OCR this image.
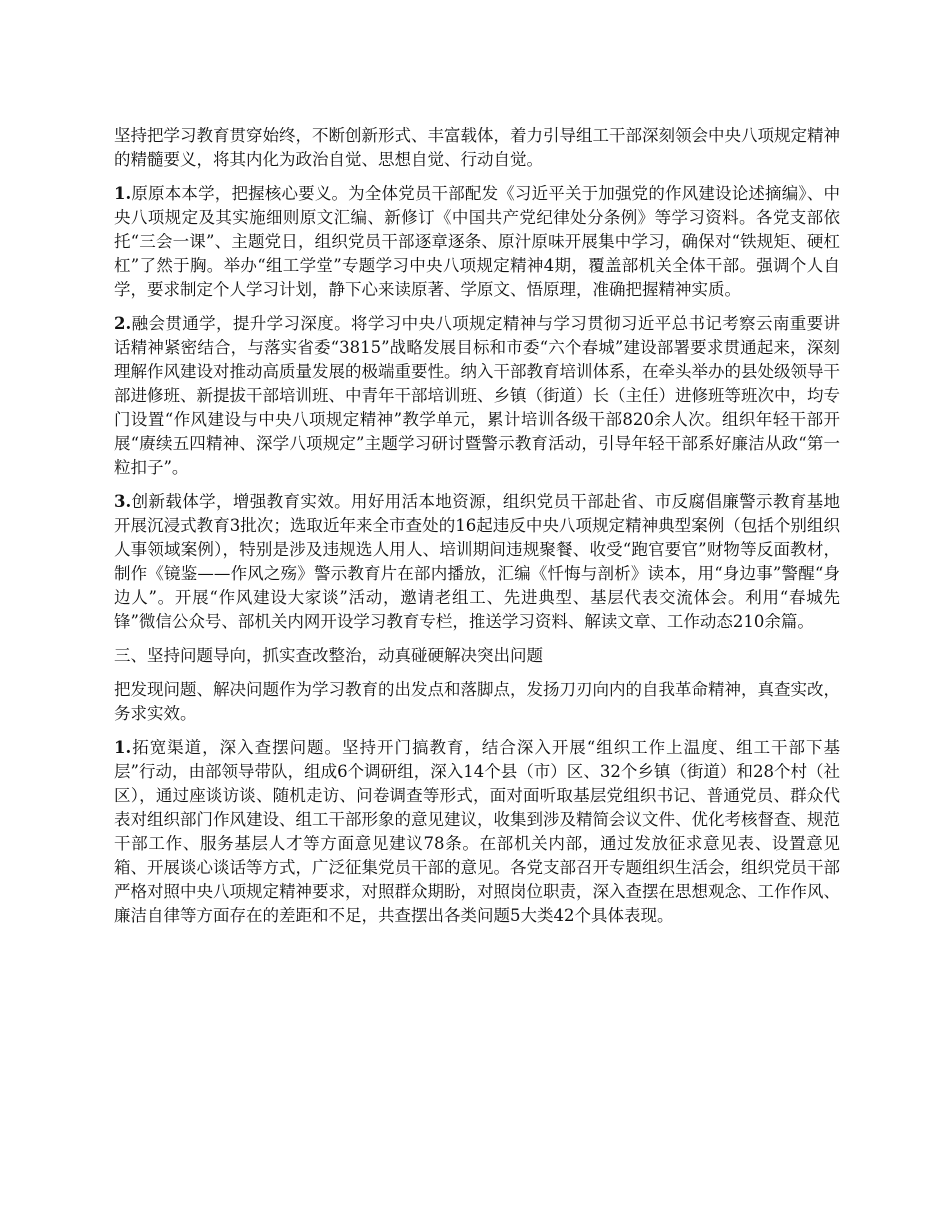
坚持把学习教育贯穿始终，不断创新形式、丰富载体，着力引导组工干部深刻领会中央八项规定精神的精髓要义，将其内化为政治自觉、思想自觉、行动自觉。

1.原原本本学，把握核心要义。为全体党员干部配发《习近平关于加强党的作风建设论述摘编》、中央八项规定及其实施细则原文汇编、新修订《中国共产党纪律处分条例》等学习资料。各党支部依托“三会一课”、主题党日，组织党员干部逐章逐条、原汁原味开展集中学习，确保对“铁规矩、硬杠杠”了然于胸。举办“组工学堂”专题学习中央八项规定精神4期，覆盖部机关全体干部。强调个人自学，要求制定个人学习计划，静下心来读原著、学原文、悟原理，准确把握精神实质。

2.融会贯通学，提升学习深度。将学习中央八项规定精神与学习贯彻习近平总书记考察云南重要讲话精神紧密结合，与落实省委“3815”战略发展目标和市委“六个春城”建设部署要求贯通起来，深刻理解作风建设对推动高质量发展的极端重要性。纳入干部教育培训体系，在牵头举办的县处级领导干部进修班、新提拔干部培训班、中青年干部培训班、乡镇（街道）长（主任）进修班等班次中，均专门设置“作风建设与中央八项规定精神”教学单元，累计培训各级干部820余人次。组织年轻干部开展“赓续五四精神、深学八项规定”主题学习研讨暨警示教育活动，引导年轻干部系好廉洁从政“第一粒扣子”。

3.创新载体学，增强教育实效。用好用活本地资源，组织党员干部赴省、市反腐倡廉警示教育基地开展沉浸式教育3批次；选取近年来全市查处的16起违反中央八项规定精神典型案例（包括个别组织人事领域案例），特别是涉及违规选人用人、培训期间违规聚餐、收受“跑官要官”财物等反面教材，制作《镜鉴——作风之殇》警示教育片在部内播放，汇编《忏悔与剖析》读本，用“身边事”警醒“身边人”。开展“作风建设大家谈”活动，邀请老组工、先进典型、基层代表交流体会。利用“春城先锋”微信公众号、部机关内网开设学习教育专栏，推送学习资料、解读文章、工作动态210余篇。

三、坚持问题导向，抓实查改整治，动真碰硬解决突出问题

把发现问题、解决问题作为学习教育的出发点和落脚点，发扬刀刃向内的自我革命精神，真查实改，务求实效。

1.拓宽渠道，深入查摆问题。坚持开门搞教育，结合深入开展“组织工作上温度、组工干部下基层”行动，由部领导带队，组成6个调研组，深入14个县（市）区、32个乡镇（街道）和28个村（社区），通过座谈访谈、随机走访、问卷调查等形式，面对面听取基层党组织书记、普通党员、群众代表对组织部门作风建设、组工干部形象的意见建议，收集到涉及精简会议文件、优化考核督查、规范干部工作、服务基层人才等方面意见建议78条。在部机关内部，通过发放征求意见表、设置意见箱、开展谈心谈话等方式，广泛征集党员干部的意见。各党支部召开专题组织生活会，组织党员干部严格对照中央八项规定精神要求，对照群众期盼，对照岗位职责，深入查摆在思想观念、工作作风、廉洁自律等方面存在的差距和不足，共查摆出各类问题5大类42个具体表现。
